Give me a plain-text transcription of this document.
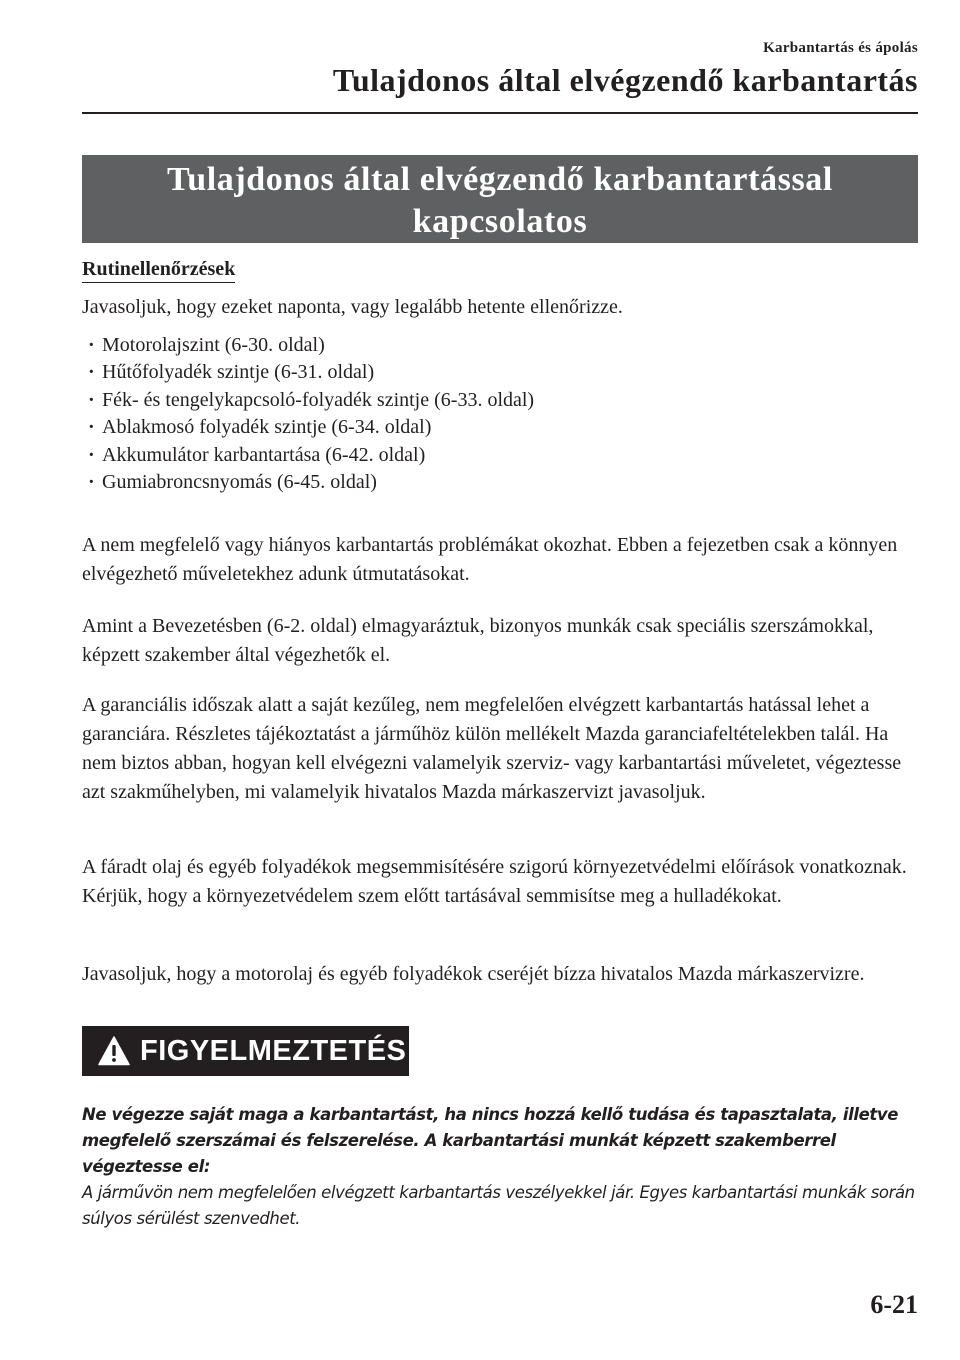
Karbantartás és ápolás
Tulajdonos által elvégzendő karbantartás
Tulajdonos által elvégzendő karbantartással kapcsolatos
óvintézkedések
Rutinellenőrzések
Javasoljuk, hogy ezeket naponta, vagy legalább hetente ellenőrizze.
· Motorolajszint (6-30. oldal)
· Hűtőfolyadék szintje (6-31. oldal)
· Fék- és tengelykapcsoló-folyadék szintje (6-33. oldal)
· Ablakmosó folyadék szintje (6-34. oldal)
· Akkumulátor karbantartása (6-42. oldal)
· Gumiabroncsnyomás (6-45. oldal)

A nem megfelelő vagy hiányos karbantartás problémákat okozhat. Ebben a fejezetben csak a könnyen elvégezhető műveletekhez adunk útmutatásokat.

Amint a Bevezetésben (6-2. oldal) elmagyaráztuk, bizonyos munkák csak speciális szerszámokkal, képzett szakember által végezhetők el.

A garanciális időszak alatt a saját kezűleg, nem megfelelően elvégzett karbantartás hatással lehet a garanciára. Részletes tájékoztatást a járműhöz külön mellékelt Mazda garanciafeltételekben talál. Ha nem biztos abban, hogyan kell elvégezni valamelyik szerviz- vagy karbantartási műveletet, végeztesse azt szakműhelyben, mi valamelyik hivatalos Mazda márkaszervizt javasoljuk.

A fáradt olaj és egyéb folyadékok megsemmisítésére szigorú környezetvédelmi előírások vonatkoznak. Kérjük, hogy a környezetvédelem szem előtt tartásával semmisítse meg a hulladékokat.

Javasoljuk, hogy a motorolaj és egyéb folyadékok cseréjét bízza hivatalos Mazda márkaszervizre.

FIGYELMEZTETÉS

Ne végezze saját maga a karbantartást, ha nincs hozzá kellő tudása és tapasztalata, illetve megfelelő szerszámai és felszerelése. A karbantartási munkát képzett szakemberrel végeztesse el:

A járművön nem megfelelően elvégzett karbantartás veszélyekkel jár. Egyes karbantartási munkák során súlyos sérülést szenvedhet.

6-21
